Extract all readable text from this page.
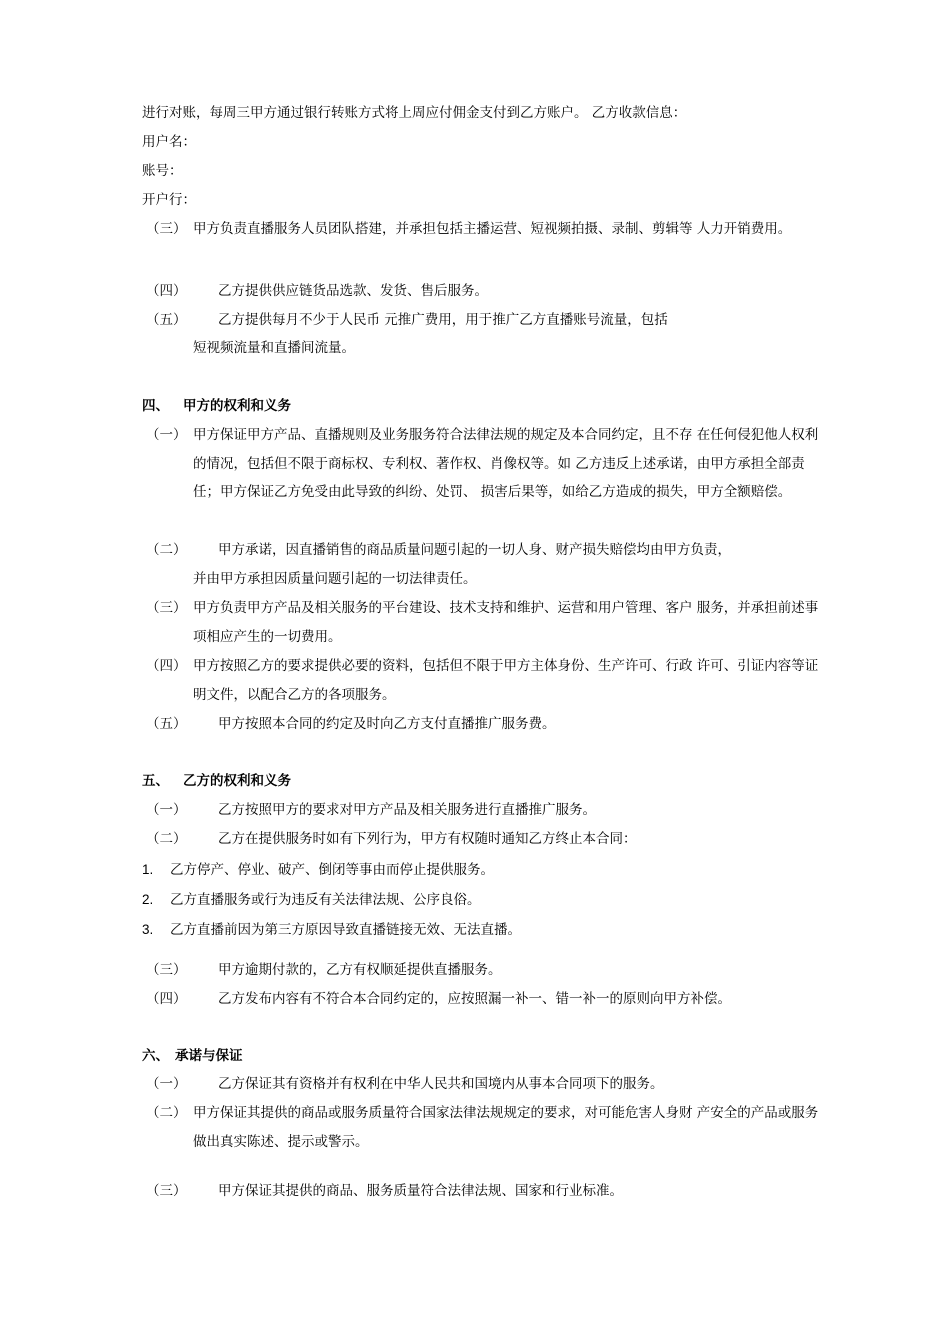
进行对账，每周三甲方通过银行转账方式将上周应付佣金支付到乙方账户。 乙方收款信息：
用户名：
账号：
开户行：
（三） 甲方负责直播服务人员团队搭建，并承担包括主播运营、短视频拍摄、录制、剪辑等 人力开销费用。
（四） 乙方提供供应链货品选款、发货、售后服务。
（五） 乙方提供每月不少于人民币 元推广费用，用于推广乙方直播账号流量，包括
短视频流量和直播间流量。
四、 甲方的权利和义务
（一） 甲方保证甲方产品、直播规则及业务服务符合法律法规的规定及本合同约定，且不存 在任何侵犯他人权利的情况，包括但不限于商标权、专利权、著作权、肖像权等。如 乙方违反上述承诺，由甲方承担全部责任；甲方保证乙方免受由此导致的纠纷、处罚、 损害后果等，如给乙方造成的损失，甲方全额赔偿。
（二） 甲方承诺，因直播销售的商品质量问题引起的一切人身、财产损失赔偿均由甲方负责，
并由甲方承担因质量问题引起的一切法律责任。
（三） 甲方负责甲方产品及相关服务的平台建设、技术支持和维护、运营和用户管理、客户 服务，并承担前述事项相应产生的一切费用。
（四） 甲方按照乙方的要求提供必要的资料，包括但不限于甲方主体身份、生产许可、行政 许可、引证内容等证明文件，以配合乙方的各项服务。
（五） 甲方按照本合同的约定及时向乙方支付直播推广服务费。
五、 乙方的权利和义务
（一） 乙方按照甲方的要求对甲方产品及相关服务进行直播推广服务。
（二） 乙方在提供服务时如有下列行为，甲方有权随时通知乙方终止本合同：
1. 乙方停产、停业、破产、倒闭等事由而停止提供服务。
2. 乙方直播服务或行为违反有关法律法规、公序良俗。
3. 乙方直播前因为第三方原因导致直播链接无效、无法直播。
（三） 甲方逾期付款的，乙方有权顺延提供直播服务。
（四） 乙方发布内容有不符合本合同约定的，应按照漏一补一、错一补一的原则向甲方补偿。
六、 承诺与保证
（一） 乙方保证其有资格并有权利在中华人民共和国境内从事本合同项下的服务。
（二） 甲方保证其提供的商品或服务质量符合国家法律法规规定的要求，对可能危害人身财 产安全的产品或服务做出真实陈述、提示或警示。
（三） 甲方保证其提供的商品、服务质量符合法律法规、国家和行业标准。
